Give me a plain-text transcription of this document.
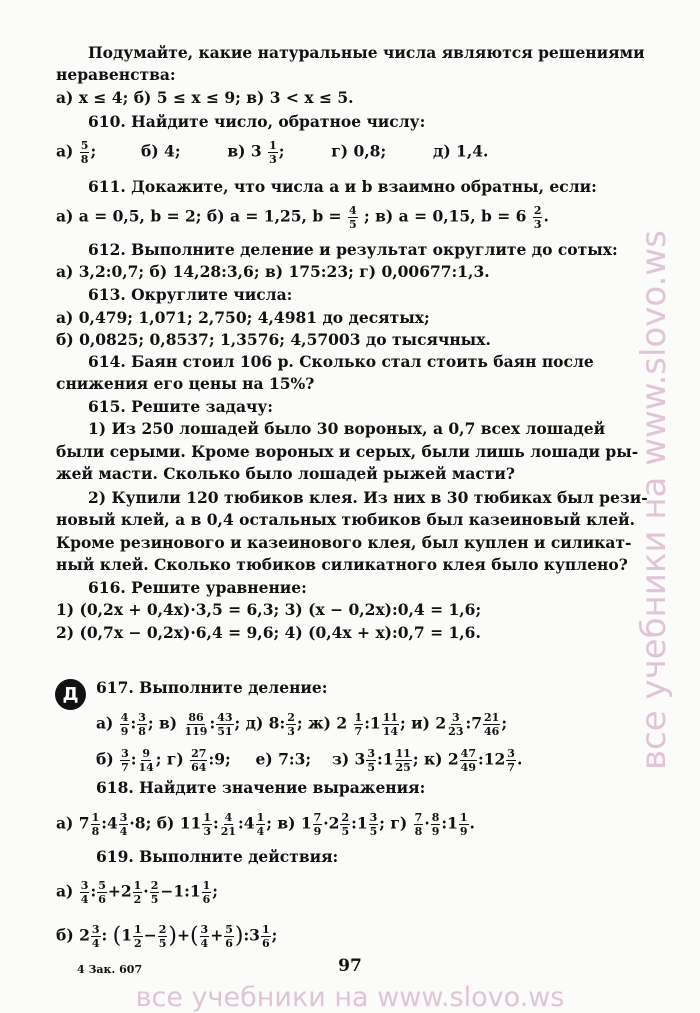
Подумайте, какие натуральные числа являются решениями
неравенства:
а) x ≤ 4; б) 5 ≤ x ≤ 9; в) 3 < x ≤ 5.
610. Найдите число, обратное числу:
$а) \frac{5}{8}$ ;	б) 4;	в) $3 \frac{1}{3}$ ;	г) 0,8;	д) 1,4.
611. Докажите, что числа a и b взаимно обратны, если:
а) a = 0,5, b = 2; б) a = 1,25, $b = \frac{4}{5}$ ; в) a = 0,15, $b = 6 \frac{2}{3}$ .
612. Выполните деление и результат округлите до сотых:
а) 3,2:0,7; б) 14,28:3,6; в) 175:23; г) 0,00677:1,3.
613. Округлите числа:
а) 0,479; 1,071; 2,750; 4,4981 до десятых;
б) 0,0825; 0,8537; 1,3576; 4,57003 до тысячных.
614. Баян стоил 106 р. Сколько стал стоить баян после
снижения его цены на 15%?
615. Решите задачу:
1) Из 250 лошадей было 30 вороных, а 0,7 всех лошадей
были серыми. Кроме вороных и серых, были лишь лошади ры-
жей масти. Сколько было лошадей рыжей масти?
2) Купили 120 тюбиков клея. Из них в 30 тюбиках был рези-
новый клей, а в 0,4 остальных тюбиков был казеиновый клей.
Кроме резинового и казеинового клея, был куплен и силикат-
ный клей. Сколько тюбиков силикатного клея было куплено?
616. Решите уравнение:
1) (0,2x + 0,4x)·3,5 = 6,3; 3) (x − 0,2x):0,4 = 1,6;
2) (0,7x − 0,2x)·6,4 = 9,6; 4) (0,4x + x):0,7 = 1,6.
Д	617. Выполните деление:
$а) \frac{4}{9}$ : $\frac{3}{8}$ ; $в) \frac{86}{119}$ : $\frac{43}{51}$ ; д) 8: $\frac{2}{3}$ ; ж) $2 \frac{1}{7}$ :1 $\frac{11}{14}$ ; и) $2 \frac{3}{23}$ :7 $\frac{21}{46}$ ;
$б) \frac{3}{7}$ : $\frac{9}{14}$ ; $г) \frac{27}{64}$ :9; е) 7:3; з) $3 \frac{3}{5}$ :1 $\frac{11}{25}$ ; к) $2 \frac{47}{49}$ :12 $\frac{3}{7}$ .
618. Найдите значение выражения:
а) $7 \frac{1}{8}$ :4 $\frac{3}{4} \cdot 8$; б) $11 \frac{1}{3}$ : $\frac{4}{21}$ :4 $\frac{1}{4}$ ; в) $1 \frac{7}{9} \cdot 2 \frac{2}{5}$ :1 $\frac{3}{5}$ ; $г) \frac{7}{8} \cdot \frac{8}{9}$ :1 $\frac{1}{9}$ .
619. Выполните действия:
$а) \frac{3}{4}$ : $\frac{5}{6} +2 \frac{1}{2} \cdot \frac{2}{5}$ −1:1 $\frac{1}{6}$ ;
б) $2 \frac{3}{4}$ : ($1 \frac{1}{2} - \frac{2}{5}$ )+( $\frac{3}{4} + \frac{5}{6}$ ):3 $\frac{1}{6}$ ;
4 Зак. 607	97
все учебники на www.slovo.ws
все учебники на www.slovo.ws
